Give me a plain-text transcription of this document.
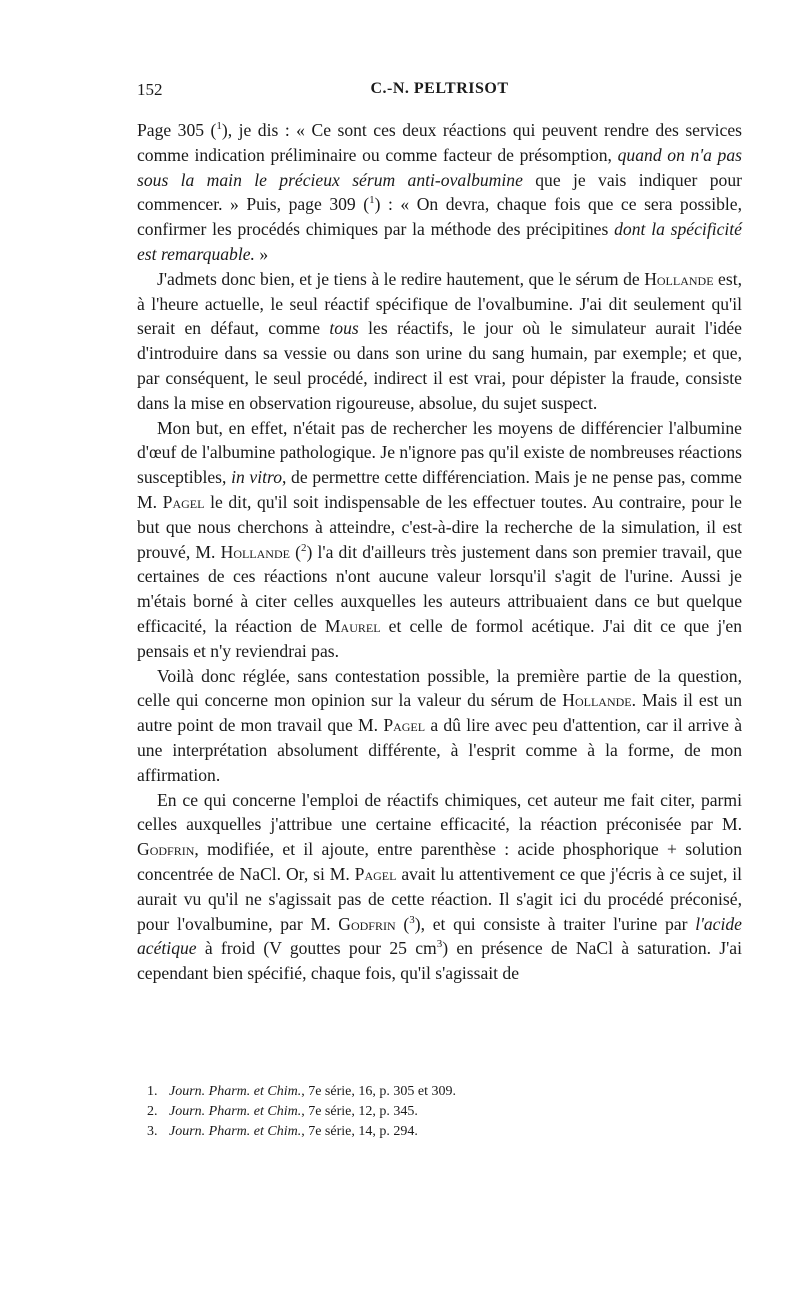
152	C.-N. PELTRISOT

Page 305 ($^1$), je dis : « Ce sont ces deux réactions qui peuvent rendre des services comme indication préliminaire ou comme facteur de présomption, quand on n'a pas sous la main le précieux sérum anti-ovalbumine que je vais indiquer pour commencer. » Puis, page 309 ($^1$) : « On devra, chaque fois que ce sera possible, confirmer les procédés chimiques par la méthode des précipitines dont la spécificité est remarquable. »

J'admets donc bien, et je tiens à le redire hautement, que le sérum de Hollande est, à l'heure actuelle, le seul réactif spécifique de l'ovalbumine. J'ai dit seulement qu'il serait en défaut, comme tous les réactifs, le jour où le simulateur aurait l'idée d'introduire dans sa vessie ou dans son urine du sang humain, par exemple; et que, par conséquent, le seul procédé, indirect il est vrai, pour dépister la fraude, consiste dans la mise en observation rigoureuse, absolue, du sujet suspect.

Mon but, en effet, n'était pas de rechercher les moyens de différencier l'albumine d'œuf de l'albumine pathologique. Je n'ignore pas qu'il existe de nombreuses réactions susceptibles, in vitro, de permettre cette différenciation. Mais je ne pense pas, comme M. Pagel le dit, qu'il soit indispensable de les effectuer toutes. Au contraire, pour le but que nous cherchons à atteindre, c'est-à-dire la recherche de la simulation, il est prouvé, M. Hollande ($^2$) l'a dit d'ailleurs très justement dans son premier travail, que certaines de ces réactions n'ont aucune valeur lorsqu'il s'agit de l'urine. Aussi je m'étais borné à citer celles auxquelles les auteurs attribuaient dans ce but quelque efficacité, la réaction de Maurel et celle de formol acétique. J'ai dit ce que j'en pensais et n'y reviendrai pas.

Voilà donc réglée, sans contestation possible, la première partie de la question, celle qui concerne mon opinion sur la valeur du sérum de Hollande. Mais il est un autre point de mon travail que M. Pagel a dû lire avec peu d'attention, car il arrive à une interprétation absolument différente, à l'esprit comme à la forme, de mon affirmation.

En ce qui concerne l'emploi de réactifs chimiques, cet auteur me fait citer, parmi celles auxquelles j'attribue une certaine efficacité, la réaction préconisée par M. Godfrin, modifiée, et il ajoute, entre parenthèse : acide phosphorique + solution concentrée de NaCl. Or, si M. Pagel avait lu attentivement ce que j'écris à ce sujet, il aurait vu qu'il ne s'agissait pas de cette réaction. Il s'agit ici du procédé préconisé, pour l'ovalbumine, par M. Godfrin ($^3$), et qui consiste à traiter l'urine par l'acide acétique à froid (V gouttes pour 25 $cm^3$) en présence de NaCl à saturation. J'ai cependant bien spécifié, chaque fois, qu'il s'agissait de

1. Journ. Pharm. et Chim., 7e série, 16, p. 305 et 309.
2. Journ. Pharm. et Chim., 7e série, 12, p. 345.
3. Journ. Pharm. et Chim., 7e série, 14, p. 294.
